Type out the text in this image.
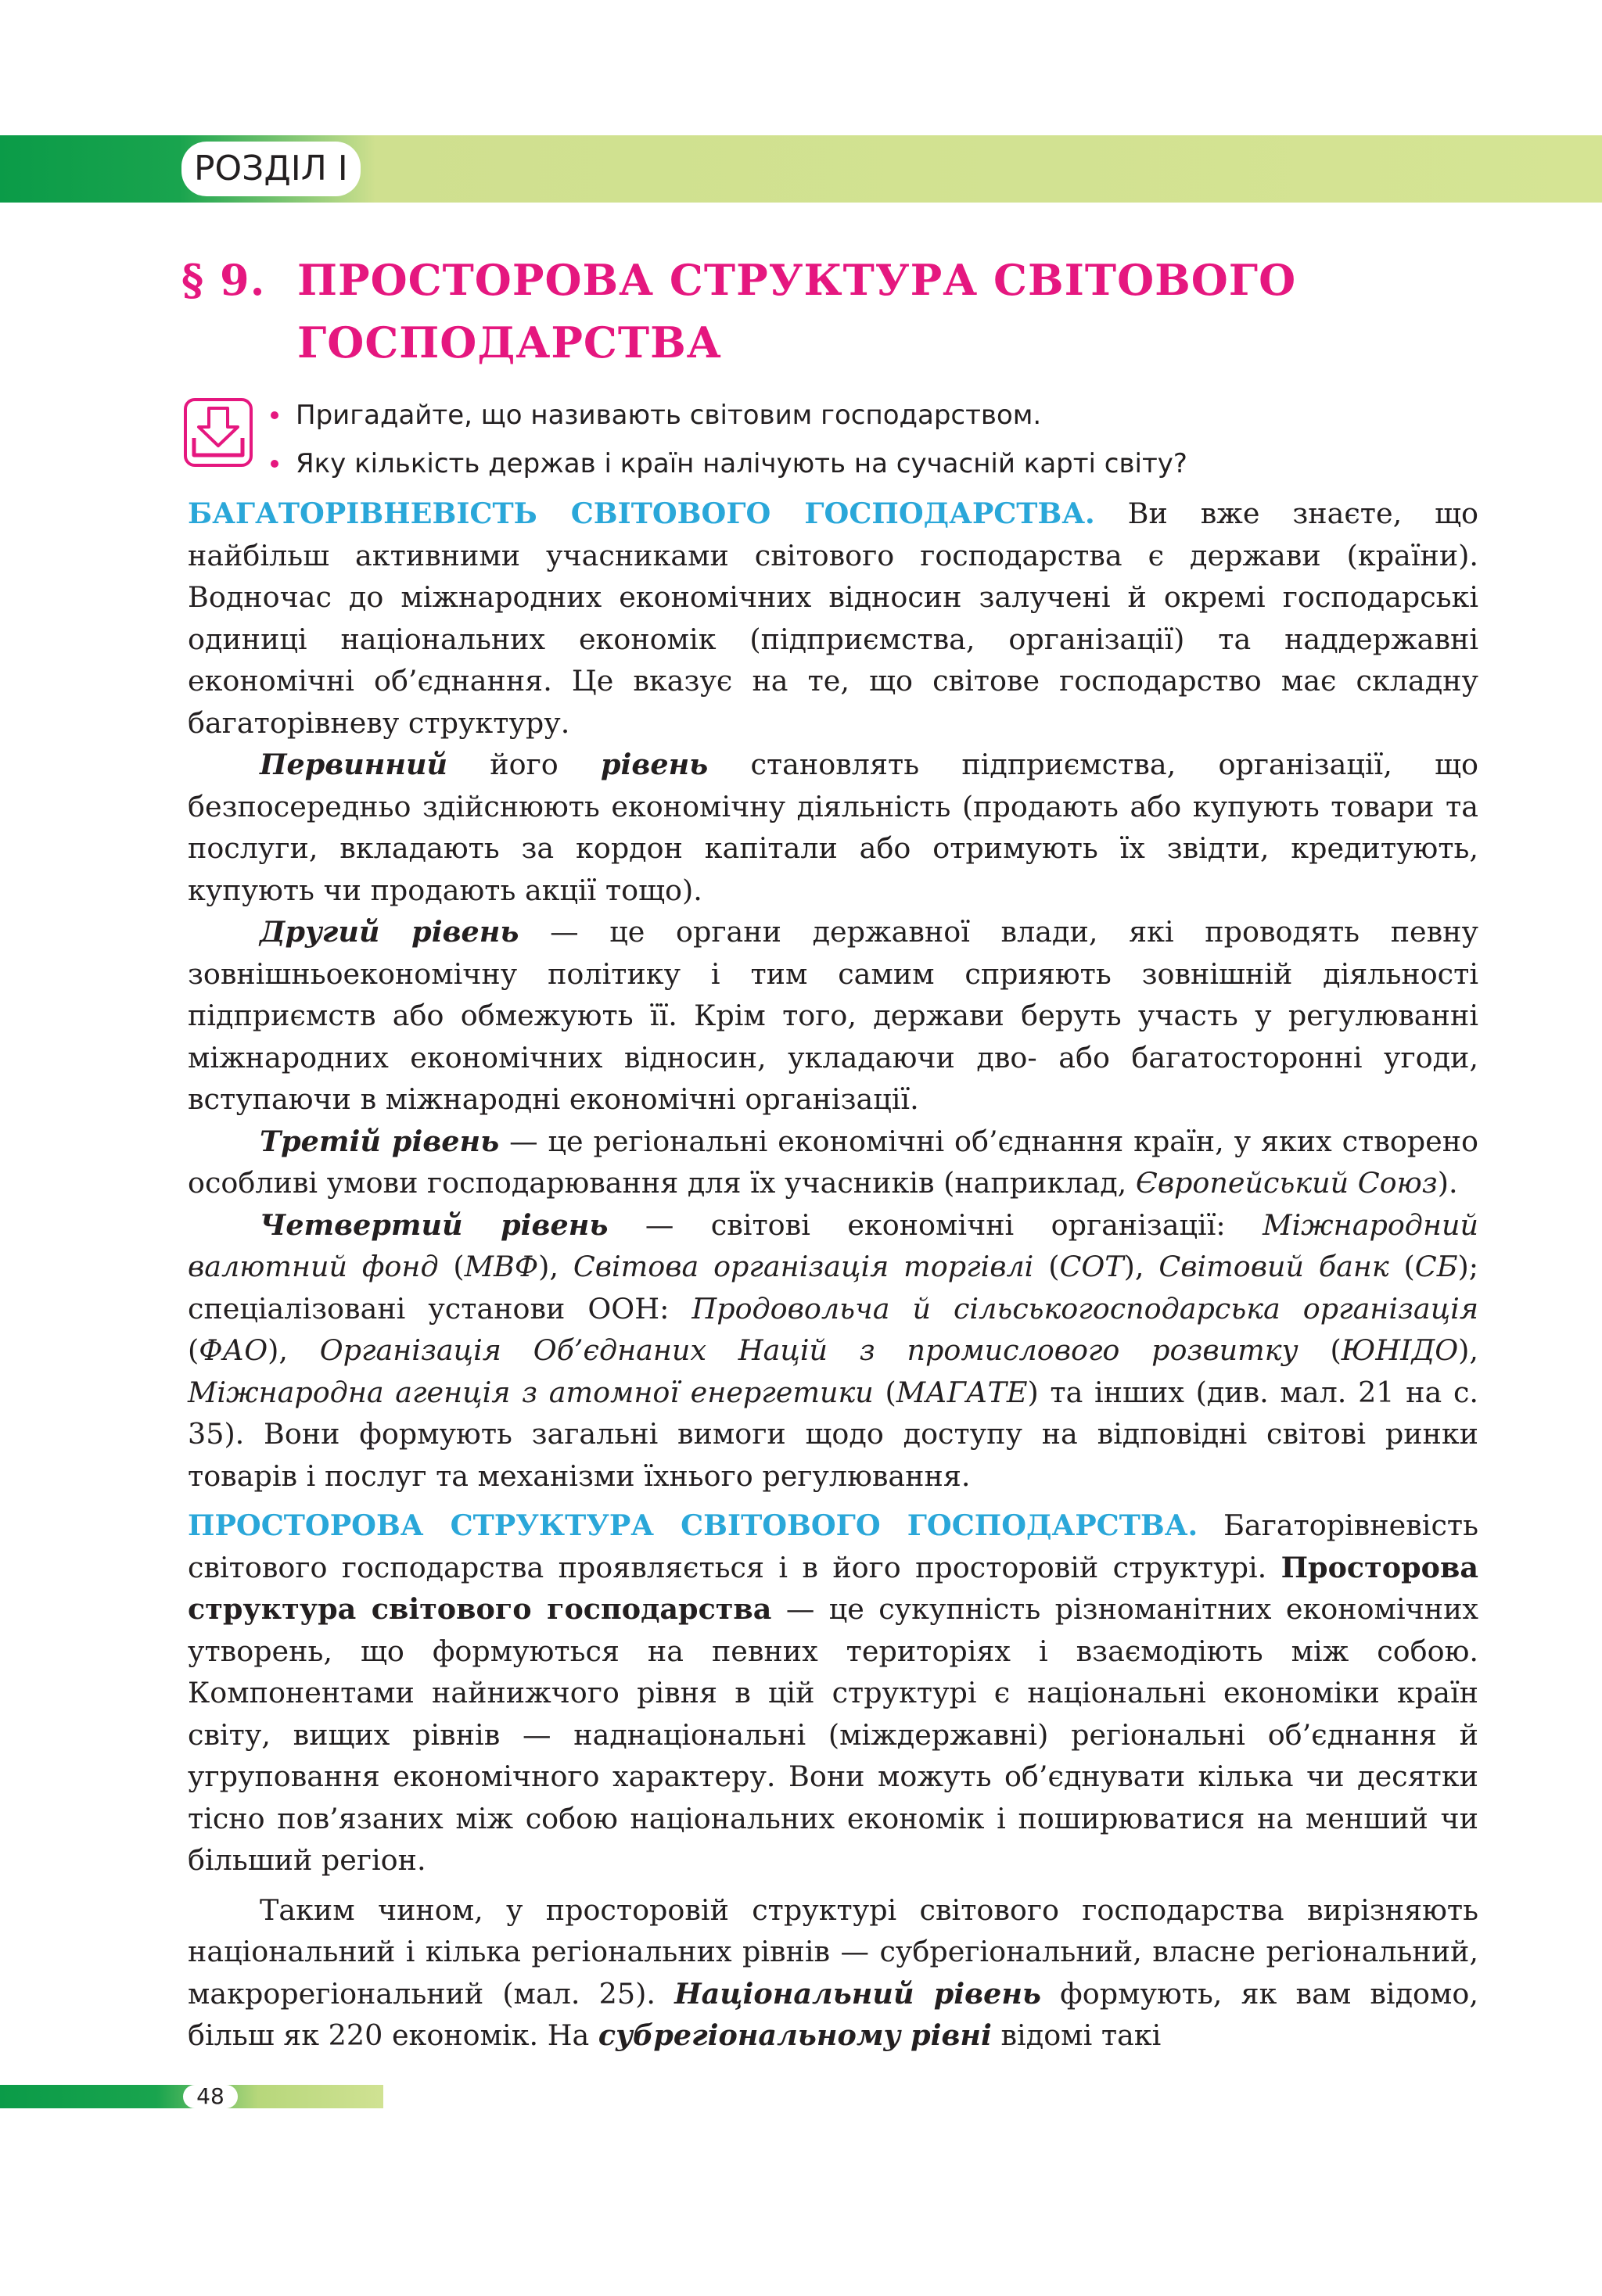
РОЗДІЛ I
§ 9. ПРОСТОРОВА СТРУКТУРА СВІТОВОГО
ГОСПОДАРСТВА
Пригадайте, що називають світовим господарством.
Яку кількість держав і країн налічують на сучасній карті світу?

БАГАТОРІВНЕВІСТЬ СВІТОВОГО ГОСПОДАРСТВА. Ви вже знаєте, що найбільш активними учасниками світового господарства є держави (країни). Водночас до міжнародних економічних відносин залучені й окремі господарські одиниці національних економік (підприємства, організації) та наддержавні економічні об’єднання. Це вказує на те, що світове господарство має складну багаторівневу структуру.

Первинний його рівень становлять підприємства, організації, що безпосередньо здійснюють економічну діяльність (продають або купують товари та послуги, вкладають за кордон капітали або отримують їх звідти, кредитують, купують чи продають акції тощо).

Другий рівень — це органи державної влади, які проводять певну зовнішньоекономічну політику і тим самим сприяють зовнішній діяльності підприємств або обмежують її. Крім того, держави беруть участь у регулюванні міжнародних економічних відносин, укладаючи дво- або багатосторонні угоди, вступаючи в міжнародні економічні організації.

Третій рівень — це регіональні економічні об’єднання країн, у яких створено особливі умови господарювання для їх учасників (наприклад, Європейський Союз).

Четвертий рівень — світові економічні організації: Міжнародний валютний фонд (МВФ), Світова організація торгівлі (СОТ), Світовий банк (СБ); спеціалізовані установи ООН: Продовольча й сільськогосподарська організація (ФАО), Організація Об’єднаних Націй з промислового розвитку (ЮНІДО), Міжнародна агенція з атомної енергетики (МАГАТЕ) та інших (див. мал. 21 на с. 35). Вони формують загальні вимоги щодо доступу на відповідні світові ринки товарів і послуг та механізми їхнього регулювання.

ПРОСТОРОВА СТРУКТУРА СВІТОВОГО ГОСПОДАРСТВА. Багаторівневість світового господарства проявляється і в його просторовій структурі. Просторова структура світового господарства — це сукупність різноманітних економічних утворень, що формуються на певних територіях і взаємодіють між собою. Компонентами найнижчого рівня в цій структурі є національні економіки країн світу, вищих рівнів — наднаціональні (міждержавні) регіональні об’єднання й угруповання економічного характеру. Вони можуть об’єднувати кілька чи десятки тісно пов’язаних між собою національних економік і поширюватися на менший чи більший регіон.

Таким чином, у просторовій структурі світового господарства вирізняють національний і кілька регіональних рівнів — субрегіональний, власне регіональний, макрорегіональний (мал. 25). Національний рівень формують, як вам відомо, більш як 220 економік. На субрегіональному рівні відомі такі

48
